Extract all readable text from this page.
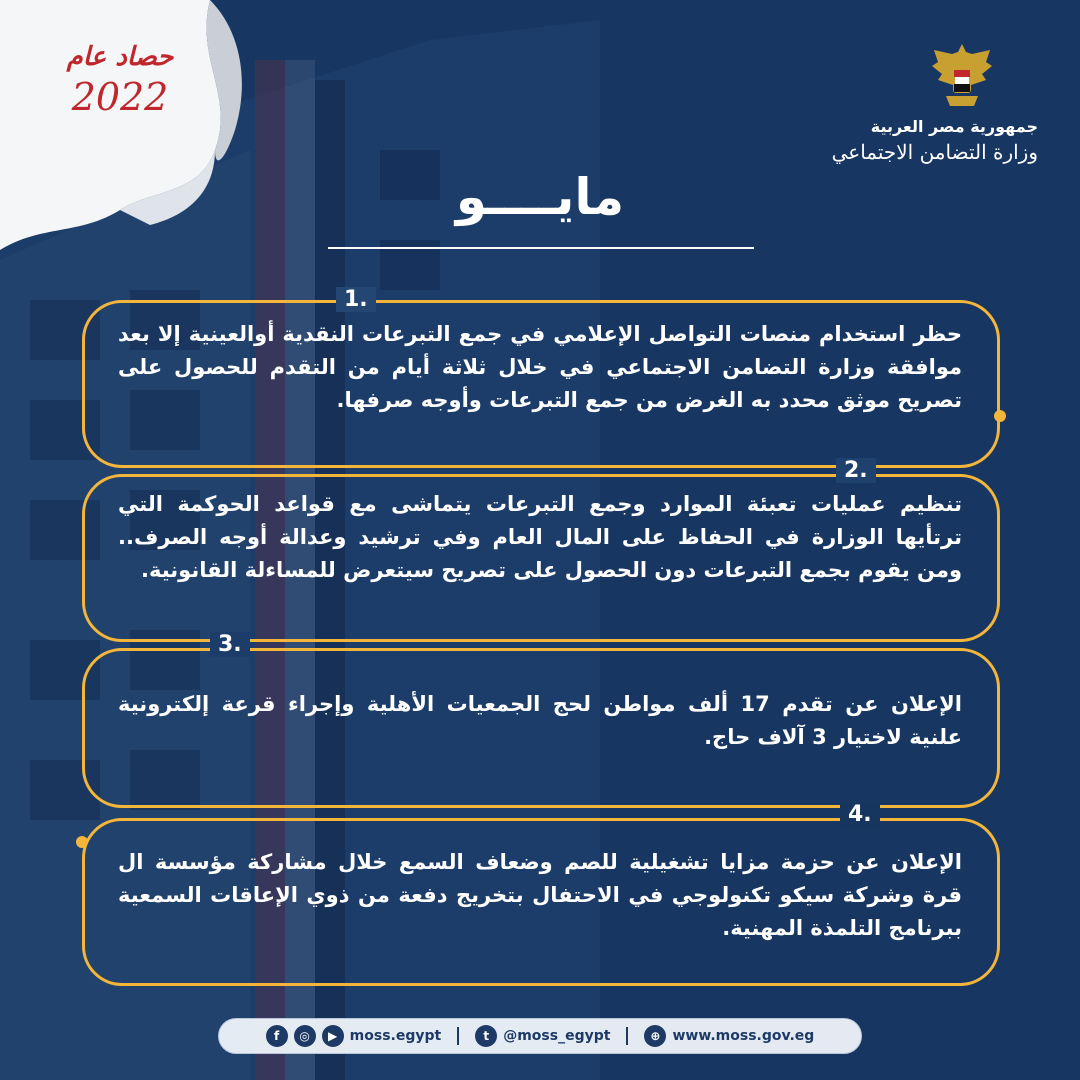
حصاد عام
2022
جمهورية مصر العربية
وزارة التضامن الاجتماعي
مايــــو
1.
حظر استخدام منصات التواصل الإعلامي في جمع التبرعات النقدية أوالعينية إلا بعد موافقة وزارة التضامن الاجتماعي في خلال ثلاثة أيام من التقدم للحصول على تصريح موثق محدد به الغرض من جمع التبرعات وأوجه صرفها.
2.
تنظيم عمليات تعبئة الموارد وجمع التبرعات يتماشى مع قواعد الحوكمة التي ترتأيها الوزارة في الحفاظ على المال العام وفي ترشيد وعدالة أوجه الصرف.. ومن يقوم بجمع التبرعات دون الحصول على تصريح سيتعرض للمساءلة القانونية.
3.
الإعلان عن تقدم 17 ألف مواطن لحج الجمعيات الأهلية وإجراء قرعة إلكترونية علنية لاختيار 3 آلاف حاج.
4.
الإعلان عن حزمة مزايا تشغيلية للصم وضعاف السمع خلال مشاركة مؤسسة ال قرة وشركة سيكو تكنولوجي في الاحتفال بتخريج دفعة من ذوي الإعاقات السمعية ببرنامج التلمذة المهنية.
f	◎	▶ moss.egypt	t	@moss_egypt	⊕ www.moss.gov.eg
